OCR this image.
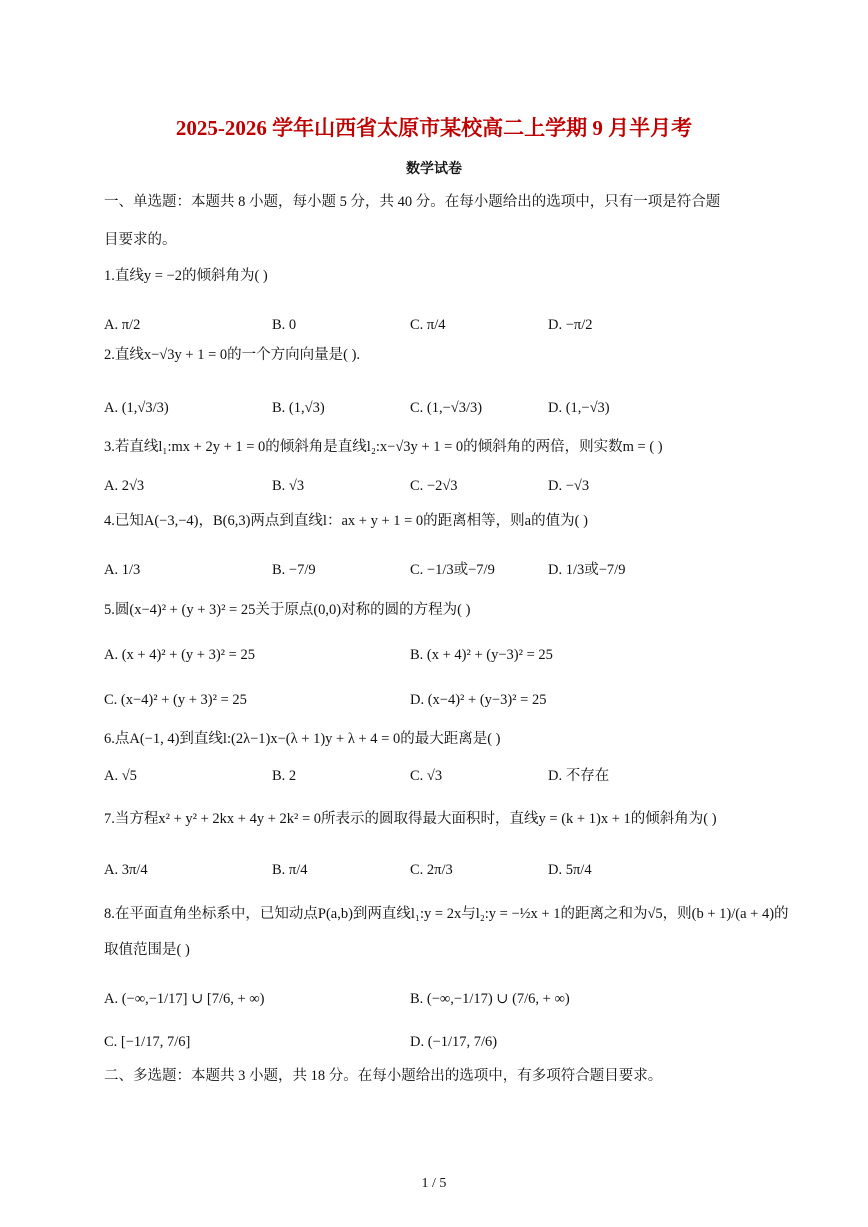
2025-2026 学年山西省太原市某校高二上学期 9 月半月考
数学试卷
一、单选题：本题共 8 小题，每小题 5 分，共 40 分。在每小题给出的选项中，只有一项是符合题
目要求的。
1.直线y = −2的倾斜角为( )
A. π/2	B. 0	C. π/4	D. −π/2
2.直线x−√3y + 1 = 0的一个方向向量是( ).
A. (1,√3/3)	B. (1,√3)	C. (1,−√3/3)	D. (1,−√3)
3.若直线l₁:mx + 2y + 1 = 0的倾斜角是直线l₂:x−√3y + 1 = 0的倾斜角的两倍，则实数m = ( )
A. 2√3	B. √3	C. −2√3	D. −√3
4.已知A(−3,−4)，B(6,3)两点到直线l：ax + y + 1 = 0的距离相等，则a的值为( )
A. 1/3	B. −7/9	C. −1/3或−7/9	D. 1/3或−7/9
5.圆(x−4)² + (y + 3)² = 25关于原点(0,0)对称的圆的方程为( )
A. (x + 4)² + (y + 3)² = 25	B. (x + 4)² + (y−3)² = 25
C. (x−4)² + (y + 3)² = 25	D. (x−4)² + (y−3)² = 25
6.点A(−1, 4)到直线l:(2λ−1)x−(λ + 1)y + λ + 4 = 0的最大距离是( )
A. √5	B. 2	C. √3	D. 不存在
7.当方程x² + y² + 2kx + 4y + 2k² = 0所表示的圆取得最大面积时，直线y = (k + 1)x + 1的倾斜角为( )
A. 3π/4	B. π/4	C. 2π/3	D. 5π/4
8.在平面直角坐标系中，已知动点P(a,b)到两直线l₁:y = 2x与l₂:y = −½x + 1的距离之和为√5，则(b + 1)/(a + 4)的
取值范围是( )
A. (−∞,−1/17] ∪ [7/6, + ∞)	B. (−∞,−1/17) ∪ (7/6, + ∞)
C. [−1/17, 7/6]	D. (−1/17, 7/6)
二、多选题：本题共 3 小题，共 18 分。在每小题给出的选项中，有多项符合题目要求。
1 / 5
